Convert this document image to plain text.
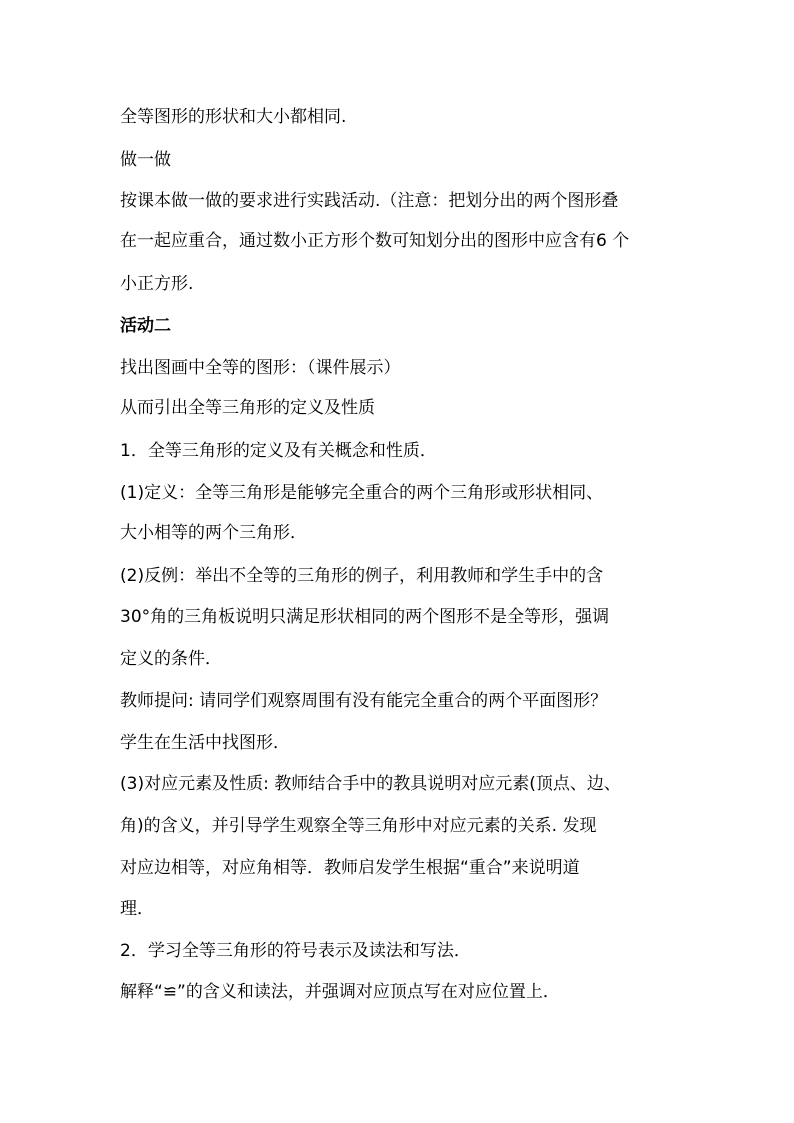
全等图形的形状和大小都相同.
做一做
按课本做一做的要求进行实践活动.（注意：把划分出的两个图形叠
在一起应重合，通过数小正方形个数可知划分出的图形中应含有6 个
小正方形.
活动二
找出图画中全等的图形：（课件展示）
从而引出全等三角形的定义及性质
1．全等三角形的定义及有关概念和性质．
(1)定义：全等三角形是能够完全重合的两个三角形或形状相同、
大小相等的两个三角形．
(2)反例：举出不全等的三角形的例子，利用教师和学生手中的含
30°角的三角板说明只满足形状相同的两个图形不是全等形，强调
定义的条件．
教师提问: 请同学们观察周围有没有能完全重合的两个平面图形？
学生在生活中找图形．
(3)对应元素及性质: 教师结合手中的教具说明对应元素(顶点、边、
角)的含义，并引导学生观察全等三角形中对应元素的关系. 发现
对应边相等，对应角相等．教师启发学生根据“重合”来说明道
理．
2．学习全等三角形的符号表示及读法和写法．
解释“≌”的含义和读法，并强调对应顶点写在对应位置上．
